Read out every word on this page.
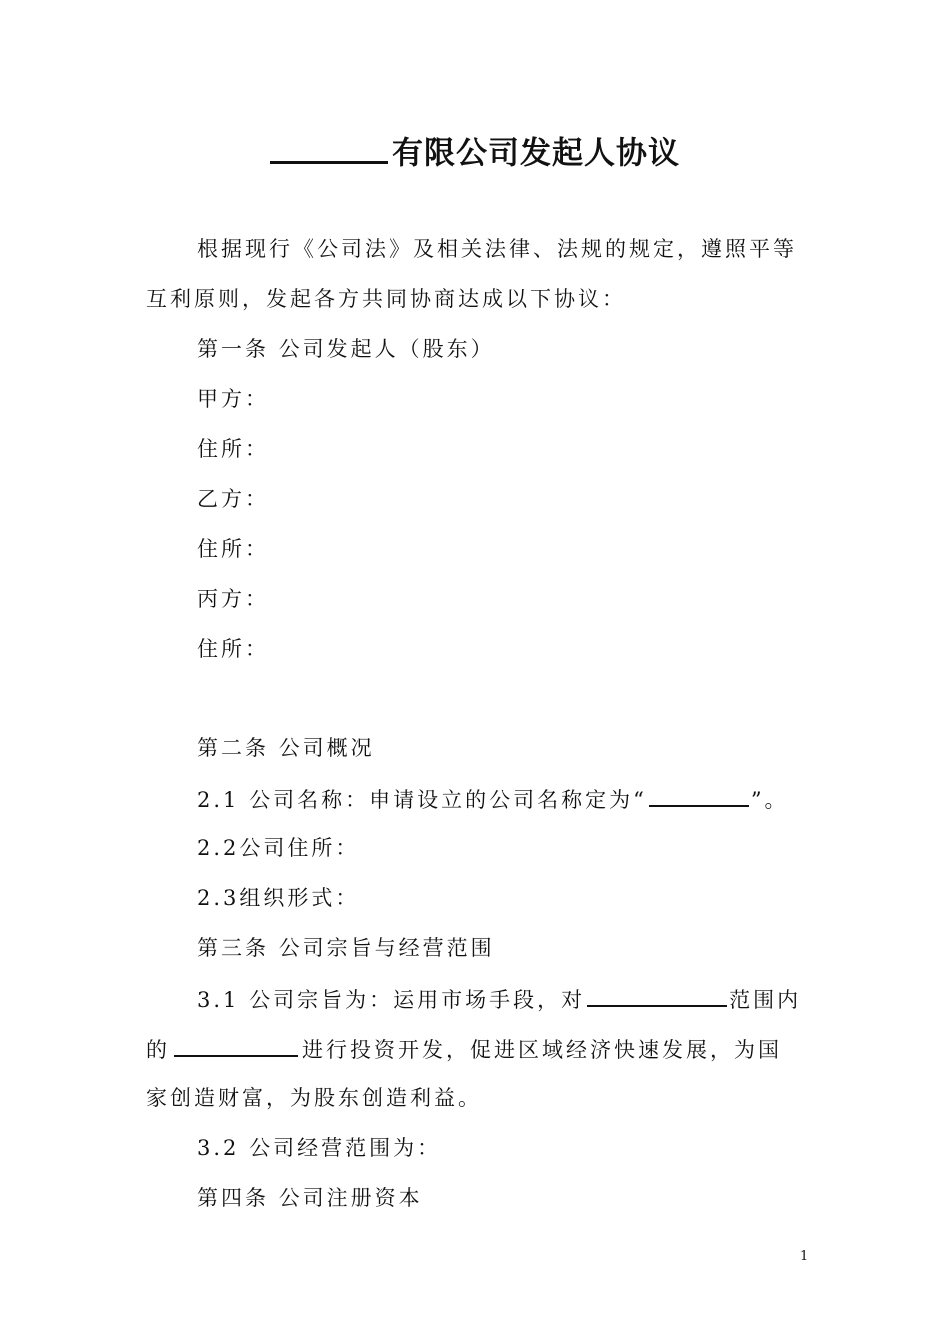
有限公司发起人协议
根据现行《公司法》及相关法律、法规的规定，遵照平等
互利原则，发起各方共同协商达成以下协议：
第一条 公司发起人（股东）
甲方：
住所：
乙方：
住所：
丙方：
住所：
第二条 公司概况
2.1 公司名称：申请设立的公司名称定为“	”。
2.2公司住所：
2.3组织形式：
第三条 公司宗旨与经营范围
3.1 公司宗旨为：运用市场手段，对	范围内
的	进行投资开发，促进区域经济快速发展，为国
家创造财富，为股东创造利益。
3.2 公司经营范围为：
第四条 公司注册资本
1
